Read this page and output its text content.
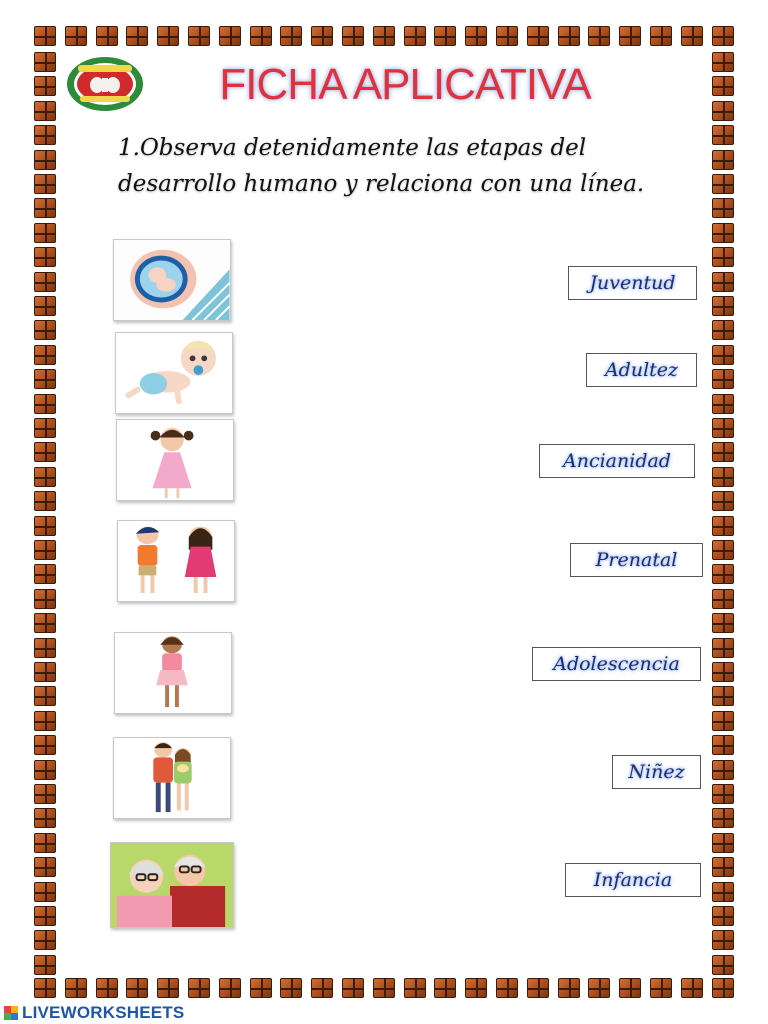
FICHA APLICATIVA

1.Observa detenidamente las etapas del desarrollo humano y relaciona con una línea.

Juventud
Adultez
Ancianidad
Prenatal
Adolescencia
Niñez
Infancia
LIVEWORKSHEETS
